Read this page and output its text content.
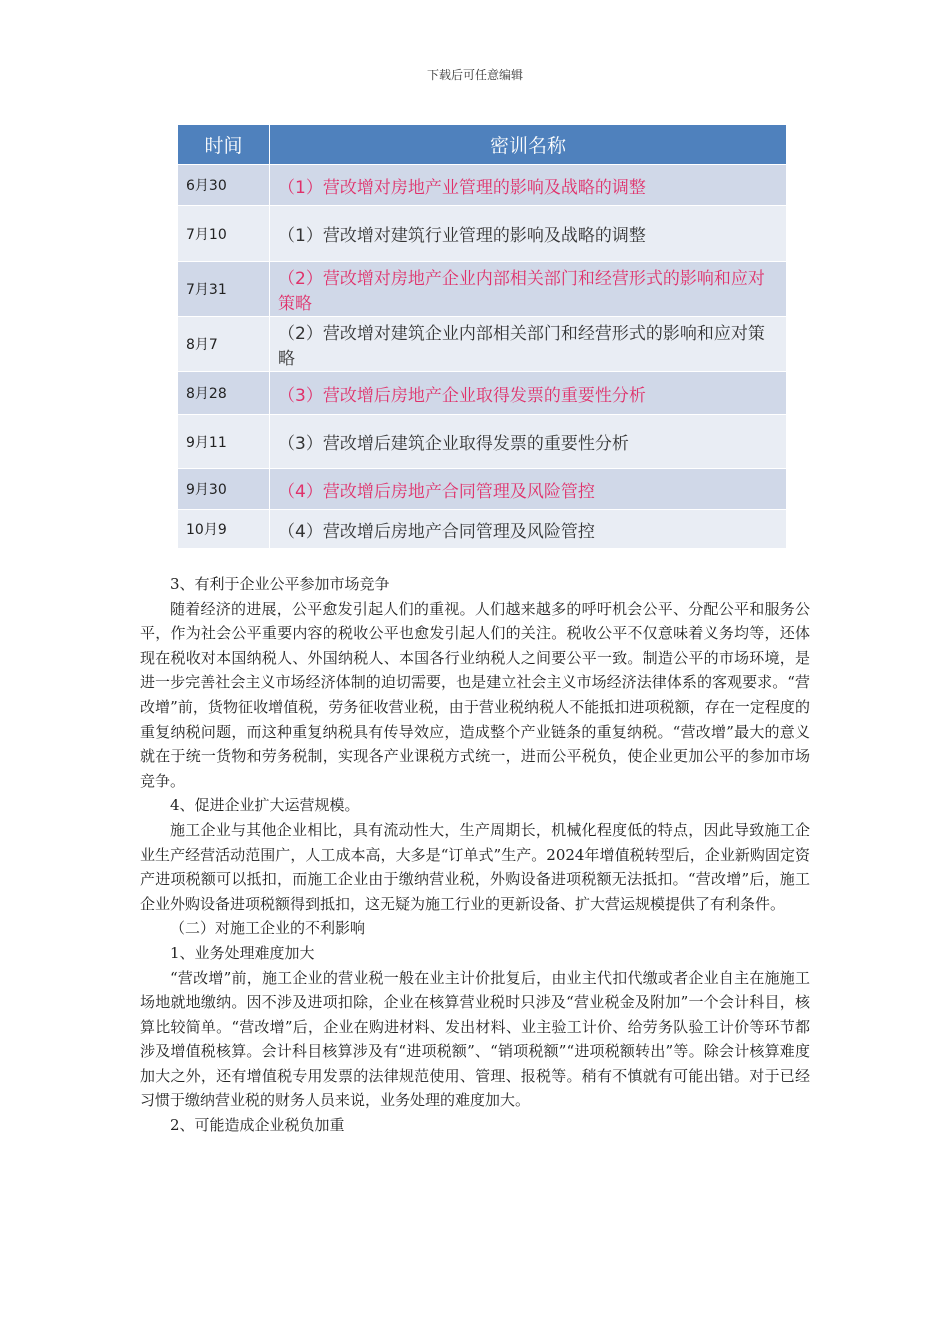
下载后可任意编辑
时间	密训名称
6月30	（1）营改增对房地产业管理的影响及战略的调整
7月10	（1）营改增对建筑行业管理的影响及战略的调整
7月31	（2）营改增对房地产企业内部相关部门和经营形式的影响和应对策略
8月7	（2）营改增对建筑企业内部相关部门和经营形式的影响和应对策略
8月28	（3）营改增后房地产企业取得发票的重要性分析
9月11	（3）营改增后建筑企业取得发票的重要性分析
9月30	（4）营改增后房地产合同管理及风险管控
10月9	（4）营改增后房地产合同管理及风险管控

3、有利于企业公平参加市场竞争

随着经济的进展，公平愈发引起人们的重视。人们越来越多的呼吁机会公平、分配公平和服务公平，作为社会公平重要内容的税收公平也愈发引起人们的关注。税收公平不仅意味着义务均等，还体现在税收对本国纳税人、外国纳税人、本国各行业纳税人之间要公平一致。制造公平的市场环境，是进一步完善社会主义市场经济体制的迫切需要，也是建立社会主义市场经济法律体系的客观要求。“营改增”前，货物征收增值税，劳务征收营业税，由于营业税纳税人不能抵扣进项税额，存在一定程度的重复纳税问题，而这种重复纳税具有传导效应，造成整个产业链条的重复纳税。“营改增”最大的意义就在于统一货物和劳务税制，实现各产业课税方式统一，进而公平税负，使企业更加公平的参加市场竞争。

4、促进企业扩大运营规模。

施工企业与其他企业相比，具有流动性大，生产周期长，机械化程度低的特点，因此导致施工企业生产经营活动范围广，人工成本高，大多是“订单式”生产。2024年增值税转型后，企业新购固定资产进项税额可以抵扣，而施工企业由于缴纳营业税，外购设备进项税额无法抵扣。“营改增”后，施工企业外购设备进项税额得到抵扣，这无疑为施工行业的更新设备、扩大营运规模提供了有利条件。

（二）对施工企业的不利影响

1、业务处理难度加大

“营改增”前，施工企业的营业税一般在业主计价批复后，由业主代扣代缴或者企业自主在施施工场地就地缴纳。因不涉及进项扣除，企业在核算营业税时只涉及“营业税金及附加”一个会计科目，核算比较简单。“营改增”后，企业在购进材料、发出材料、业主验工计价、给劳务队验工计价等环节都涉及增值税核算。会计科目核算涉及有“进项税额”、“销项税额”“进项税额转出”等。除会计核算难度加大之外，还有增值税专用发票的法律规范使用、管理、报税等。稍有不慎就有可能出错。对于已经习惯于缴纳营业税的财务人员来说，业务处理的难度加大。

2、可能造成企业税负加重
